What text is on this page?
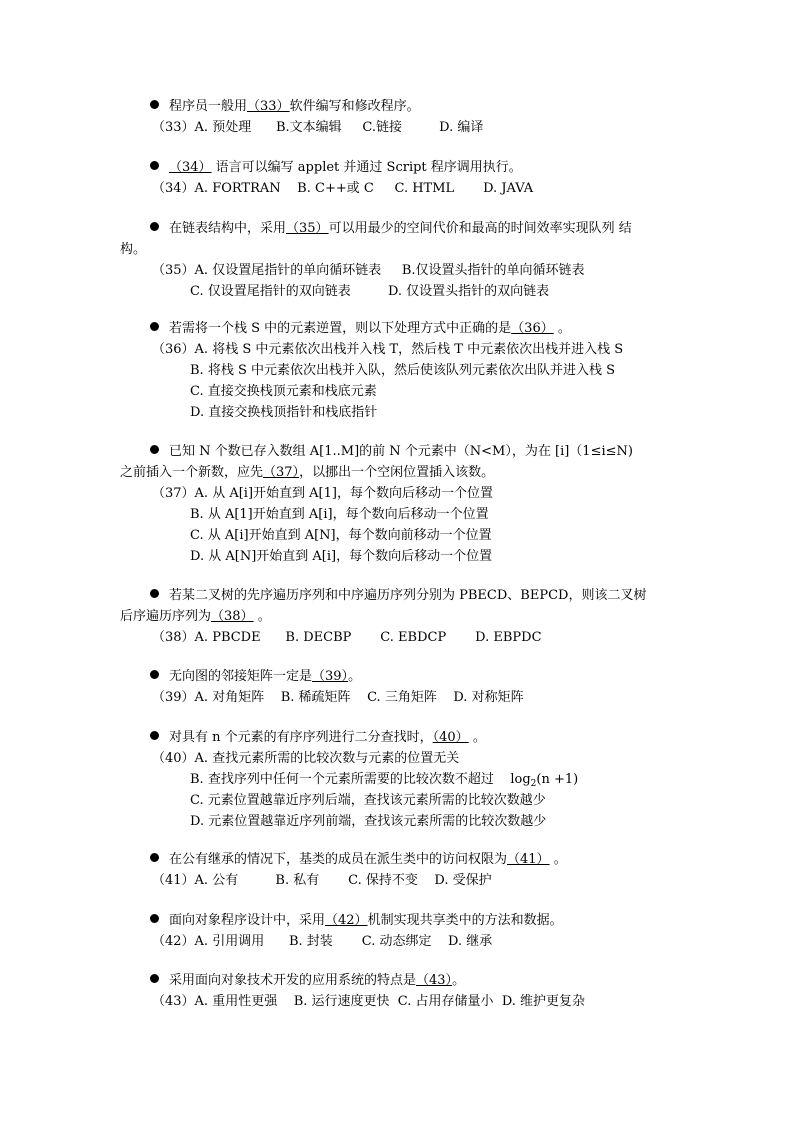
程序员一般用（33）软件编写和修改程序。
（33）A. 预处理      B.文本编辑     C.链接         D. 编译
（34） 语言可以编写 applet 并通过 Script 程序调用执行。
（34）A. FORTRAN    B. C++或 C     C. HTML       D. JAVA
在链表结构中，采用（35）可以用最少的空间代价和最高的时间效率实现队列 结
构。
（35）A. 仅设置尾指针的单向循环链表     B.仅设置头指针的单向循环链表
C. 仅设置尾指针的双向链表         D. 仅设置头指针的双向链表
若需将一个栈 S 中的元素逆置，则以下处理方式中正确的是（36） 。
（36）A. 将栈 S 中元素依次出栈并入栈 T，然后栈 T 中元素依次出栈并进入栈 S
B. 将栈 S 中元素依次出栈并入队，然后使该队列元素依次出队并进入栈 S
C. 直接交换栈顶元素和栈底元素
D. 直接交换栈顶指针和栈底指针
已知 N 个数已存入数组 A[1..M]的前 N 个元素中（N<M），为在 [i]（1≤i≤N)
之前插入一个新数，应先（37），以挪出一个空闲位置插入该数。
（37）A. 从 A[i]开始直到 A[1]，每个数向后移动一个位置
B. 从 A[1]开始直到 A[i]，每个数向后移动一个位置
C. 从 A[i]开始直到 A[N]，每个数向前移动一个位置
D. 从 A[N]开始直到 A[i]，每个数向后移动一个位置
若某二叉树的先序遍历序列和中序遍历序列分别为 PBECD、BEPCD，则该二叉树
后序遍历序列为（38） 。
（38）A. PBCDE      B. DECBP       C. EBDCP       D. EBPDC
无向图的邻接矩阵一定是（39）。
（39）A. 对角矩阵    B. 稀疏矩阵    C. 三角矩阵    D. 对称矩阵
对具有 n 个元素的有序序列进行二分查找时，（40） 。
（40）A. 查找元素所需的比较次数与元素的位置无关
B. 查找序列中任何一个元素所需要的比较次数不超过    $\log_2(n +1)$
C. 元素位置越靠近序列后端，查找该元素所需的比较次数越少
D. 元素位置越靠近序列前端，查找该元素所需的比较次数越少
在公有继承的情况下，基类的成员在派生类中的访问权限为（41） 。
（41）A. 公有         B. 私有       C. 保持不变    D. 受保护
面向对象程序设计中，采用（42）机制实现共享类中的方法和数据。
（42）A. 引用调用      B. 封装       C. 动态绑定    D. 继承
采用面向对象技术开发的应用系统的特点是（43）。
（43）A. 重用性更强    B. 运行速度更快  C. 占用存储量小  D. 维护更复杂
